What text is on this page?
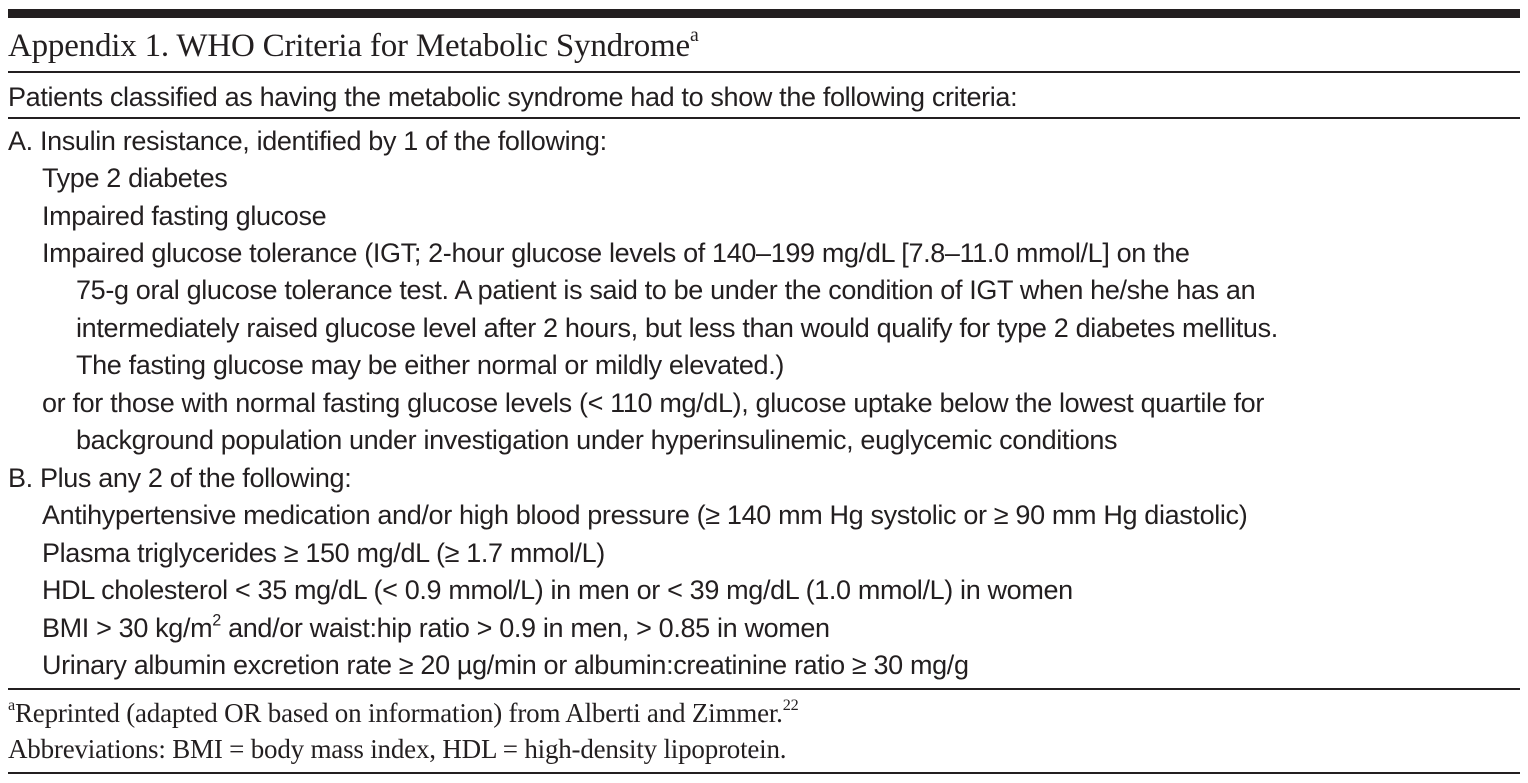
Appendix 1. WHO Criteria for Metabolic Syndrome$^a$
Patients classified as having the metabolic syndrome had to show the following criteria:
A. Insulin resistance, identified by 1 of the following:
Type 2 diabetes
Impaired fasting glucose
Impaired glucose tolerance (IGT; 2-hour glucose levels of 140–199 mg/dL [7.8–11.0 mmol/L] on the
75-g oral glucose tolerance test. A patient is said to be under the condition of IGT when he/she has an
intermediately raised glucose level after 2 hours, but less than would qualify for type 2 diabetes mellitus.
The fasting glucose may be either normal or mildly elevated.)
or for those with normal fasting glucose levels (< 110 mg/dL), glucose uptake below the lowest quartile for
background population under investigation under hyperinsulinemic, euglycemic conditions
B. Plus any 2 of the following:
Antihypertensive medication and/or high blood pressure (≥ 140 mm Hg systolic or ≥ 90 mm Hg diastolic)
Plasma triglycerides ≥ 150 mg/dL (≥ 1.7 mmol/L)
HDL cholesterol < 35 mg/dL (< 0.9 mmol/L) in men or < 39 mg/dL (1.0 mmol/L) in women
BMI > 30 $kg/m^2$ and/or waist:hip ratio > 0.9 in men, > 0.85 in women
Urinary albumin excretion rate ≥ 20 µg/min or albumin:creatinine ratio ≥ 30 mg/g
$^a$Reprinted (adapted OR based on information) from Alberti and Zimmer.$^{22}$
Abbreviations: BMI = body mass index, HDL = high-density lipoprotein.
